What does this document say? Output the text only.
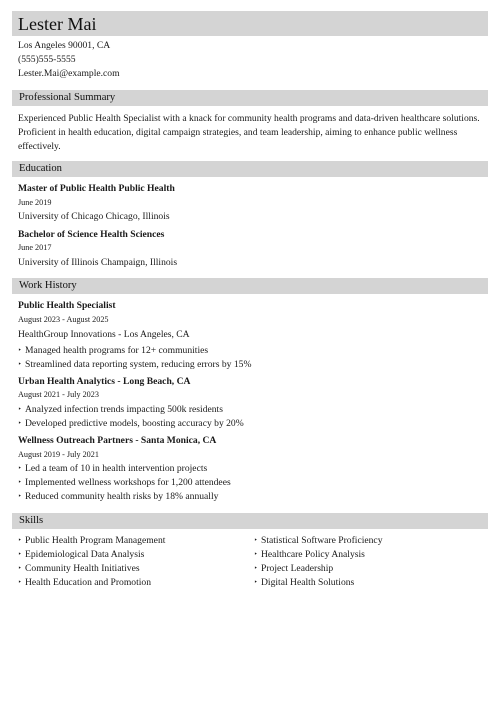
Lester Mai
Los Angeles 90001, CA
(555)555-5555
Lester.Mai@example.com
Professional Summary

Experienced Public Health Specialist with a knack for community health programs and data-driven healthcare solutions. Proficient in health education, digital campaign strategies, and team leadership, aiming to enhance public wellness effectively.

Education
Master of Public Health Public Health
June 2019
University of Chicago Chicago, Illinois
Bachelor of Science Health Sciences
June 2017
University of Illinois Champaign, Illinois
Work History
Public Health Specialist
August 2023 - August 2025
HealthGroup Innovations - Los Angeles, CA
‣ Managed health programs for 12+ communities
‣ Streamlined data reporting system, reducing errors by 15%
Urban Health Analytics - Long Beach, CA
August 2021 - July 2023
‣ Analyzed infection trends impacting 500k residents
‣ Developed predictive models, boosting accuracy by 20%
Wellness Outreach Partners - Santa Monica, CA
August 2019 - July 2021
‣ Led a team of 10 in health intervention projects
‣ Implemented wellness workshops for 1,200 attendees
‣ Reduced community health risks by 18% annually
Skills
‣ Public Health Program Management
‣ Epidemiological Data Analysis
‣ Community Health Initiatives
‣ Health Education and Promotion
‣ Statistical Software Proficiency
‣ Healthcare Policy Analysis
‣ Project Leadership
‣ Digital Health Solutions
